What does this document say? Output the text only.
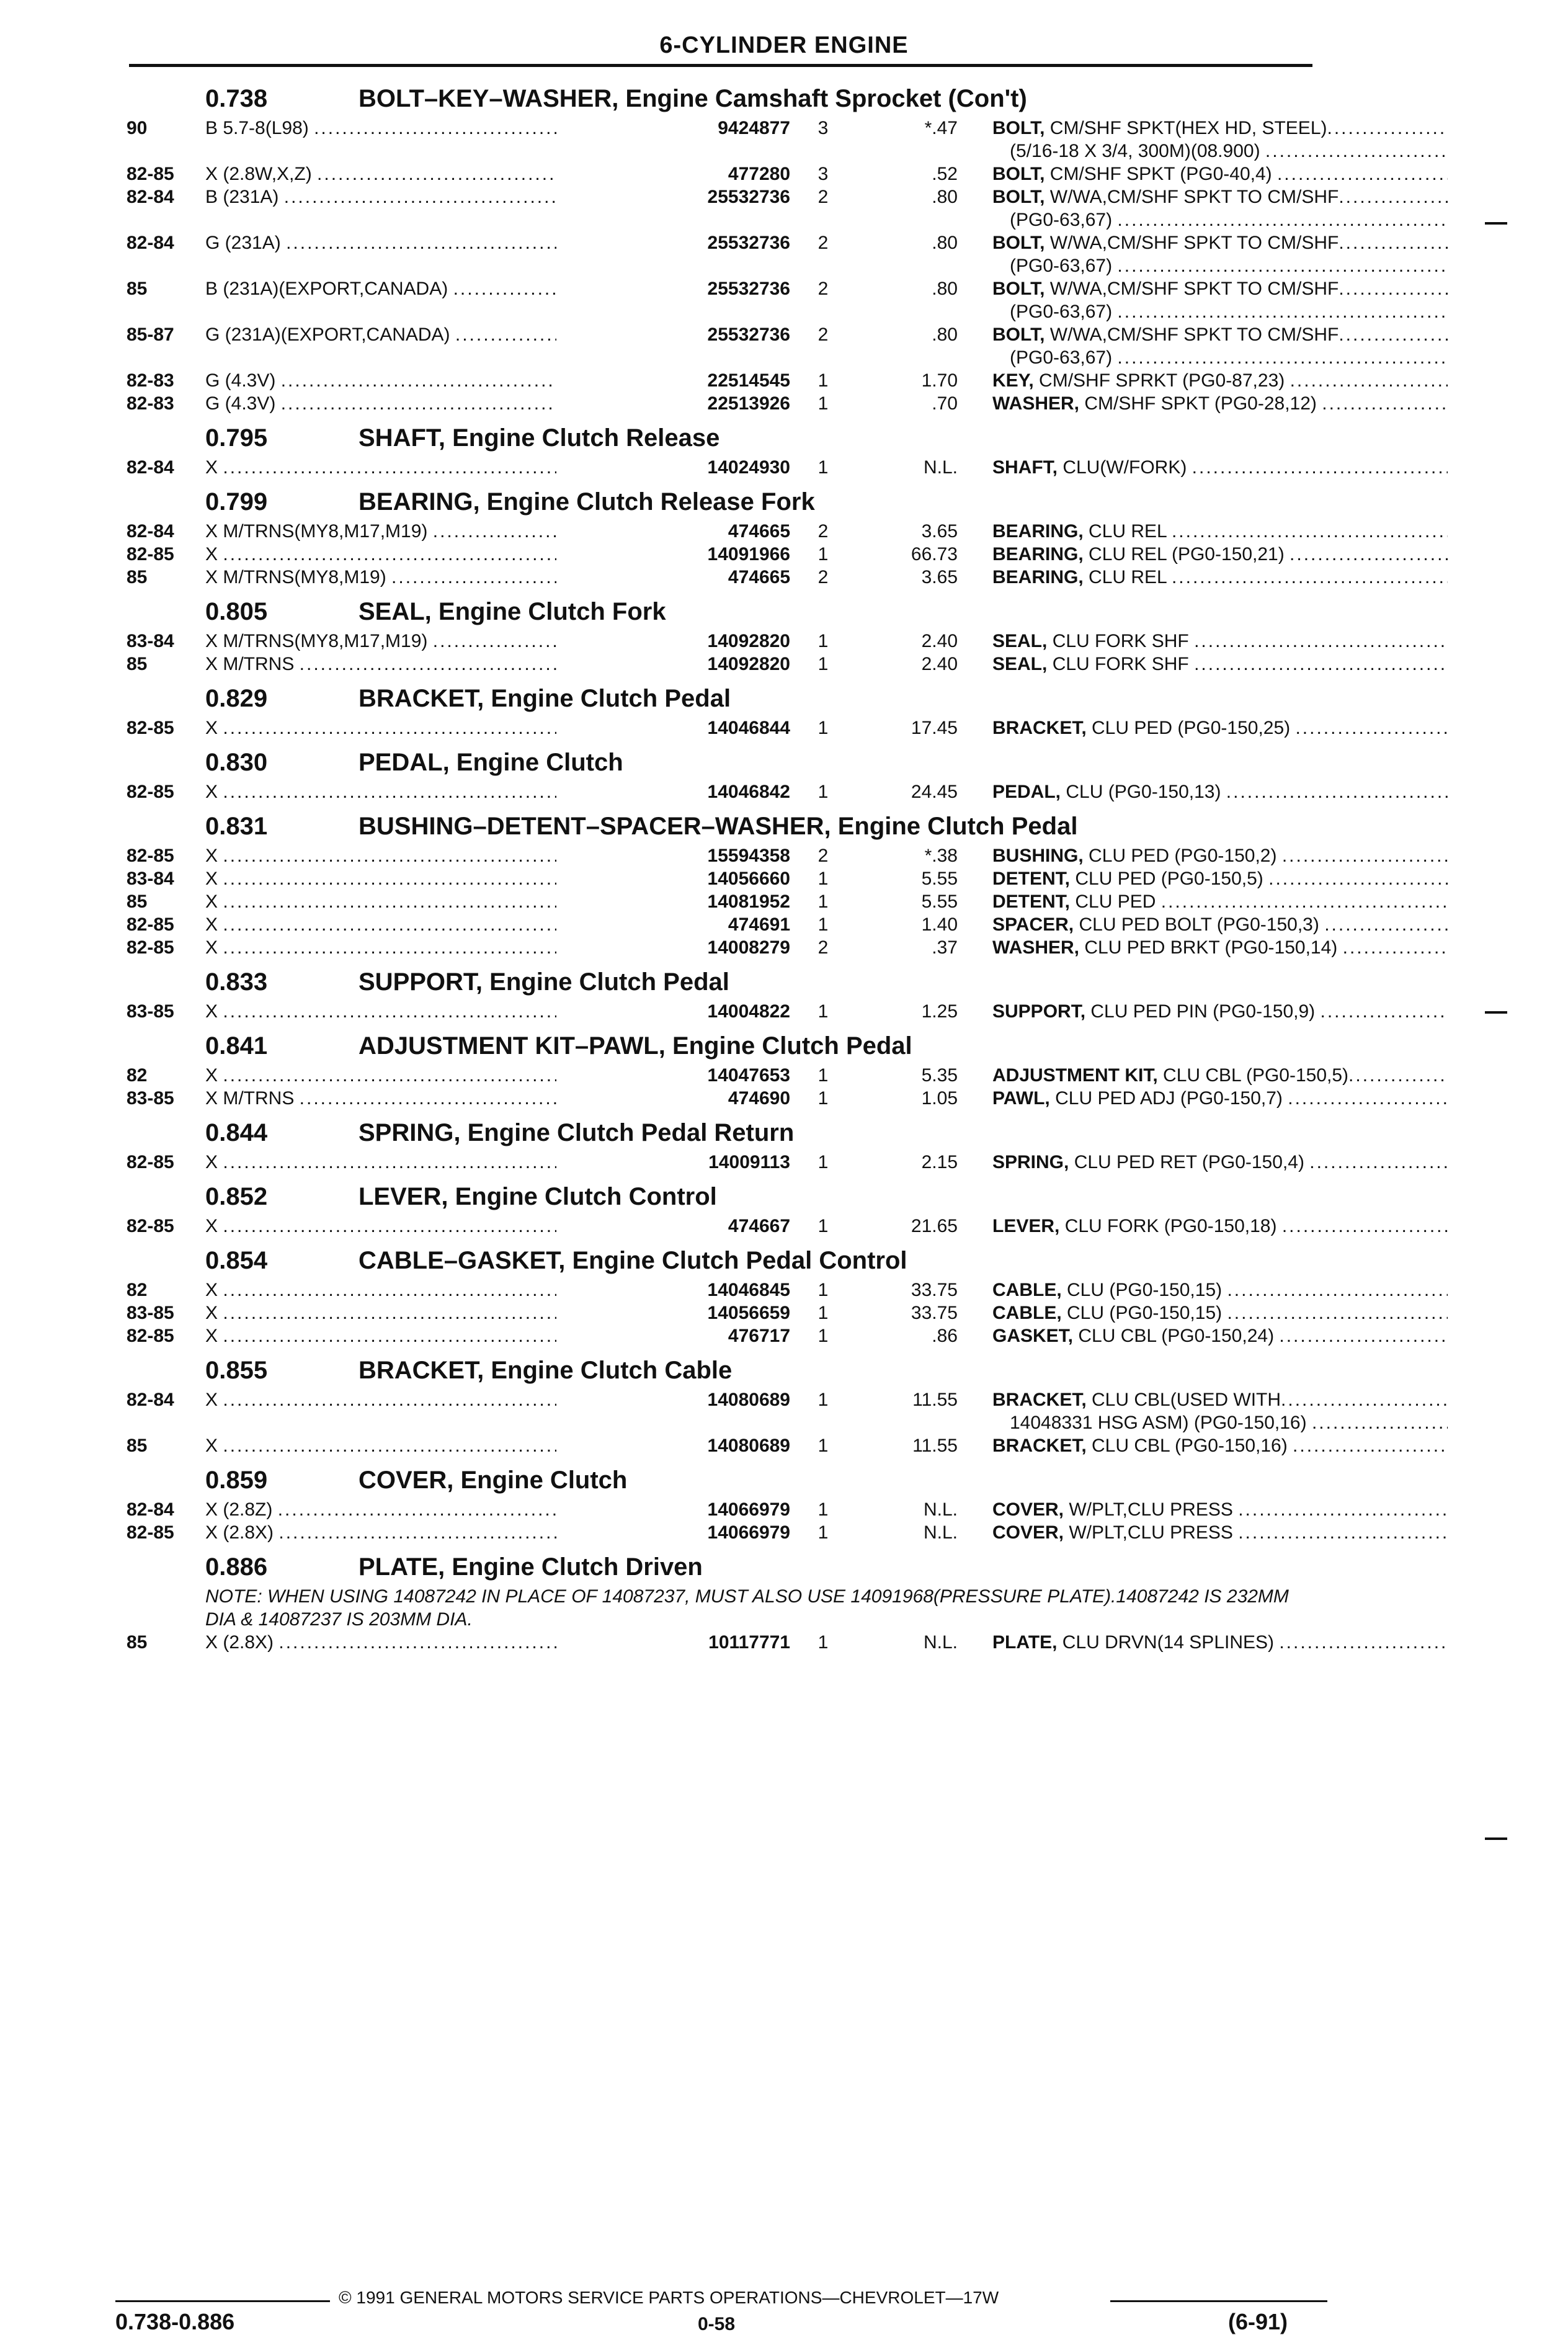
6-CYLINDER ENGINE
0.738	BOLT–KEY–WASHER, Engine Camshaft Sprocket (Con't)
90	B 5.7-8(L98) .....	9424877	3	*.47 BOLT, CM/SHF SPKT(HEX HD, STEEL) .....
(5/16-18 X 3/4, 300M)(08.900) .....
82-85 X (2.8W,X,Z) .....	477280	3	.52 BOLT, CM/SHF SPKT (PG0-40,4) .....
82-84 B (231A) .....	25532736	2	.80 BOLT, W/WA,CM/SHF SPKT TO CM/SHF .....
(PG0-63,67) .....
82-84 G (231A) .....	25532736	2	.80 BOLT, W/WA,CM/SHF SPKT TO CM/SHF .....
(PG0-63,67) .....
85	B (231A)(EXPORT,CANADA) .....	25532736	2	.80 BOLT, W/WA,CM/SHF SPKT TO CM/SHF .....
(PG0-63,67) .....
85-87 G (231A)(EXPORT,CANADA) .....	25532736	2	.80 BOLT, W/WA,CM/SHF SPKT TO CM/SHF .....
(PG0-63,67) .....
82-83 G (4.3V) .....	22514545	1	1.70 KEY, CM/SHF SPRKT (PG0-87,23) .....
82-83 G (4.3V) .....	22513926	1	.70 WASHER, CM/SHF SPKT (PG0-28,12) .....
0.795	SHAFT, Engine Clutch Release
82-84 X .....	14024930	1	N.L. SHAFT, CLU(W/FORK) .....
0.799	BEARING, Engine Clutch Release Fork
82-84 X M/TRNS(MY8,M17,M19) .....	474665	2	3.65 BEARING, CLU REL .....
82-85 X .....	14091966	1	66.73 BEARING, CLU REL (PG0-150,21) .....
85	X M/TRNS(MY8,M19) .....	474665	2	3.65 BEARING, CLU REL .....
0.805	SEAL, Engine Clutch Fork
83-84 X M/TRNS(MY8,M17,M19) .....	14092820	1	2.40 SEAL, CLU FORK SHF .....
85	X M/TRNS .....	14092820	1	2.40 SEAL, CLU FORK SHF .....
0.829	BRACKET, Engine Clutch Pedal
82-85 X .....	14046844	1	17.45 BRACKET, CLU PED (PG0-150,25) .....
0.830	PEDAL, Engine Clutch
82-85 X .....	14046842	1	24.45 PEDAL, CLU (PG0-150,13) .....
0.831	BUSHING–DETENT–SPACER–WASHER, Engine Clutch Pedal
82-85 X .....	15594358	2	*.38 BUSHING, CLU PED (PG0-150,2) .....
83-84 X .....	14056660	1	5.55 DETENT, CLU PED (PG0-150,5) .....
85	X .....	14081952	1	5.55 DETENT, CLU PED .....
82-85 X .....	474691	1	1.40 SPACER, CLU PED BOLT (PG0-150,3) .....
82-85 X .....	14008279	2	.37 WASHER, CLU PED BRKT (PG0-150,14) .....
0.833	SUPPORT, Engine Clutch Pedal
83-85 X .....	14004822	1	1.25 SUPPORT, CLU PED PIN (PG0-150,9) .....
0.841	ADJUSTMENT KIT–PAWL, Engine Clutch Pedal
82	X .....	14047653	1	5.35 ADJUSTMENT KIT, CLU CBL (PG0-150,5) .....
83-85 X M/TRNS .....	474690	1	1.05 PAWL, CLU PED ADJ (PG0-150,7) .....
0.844	SPRING, Engine Clutch Pedal Return
82-85 X .....	14009113	1	2.15 SPRING, CLU PED RET (PG0-150,4) .....
0.852	LEVER, Engine Clutch Control
82-85 X .....	474667	1	21.65 LEVER, CLU FORK (PG0-150,18) .....
0.854	CABLE–GASKET, Engine Clutch Pedal Control
82	X .....	14046845	1	33.75 CABLE, CLU (PG0-150,15) .....
83-85 X .....	14056659	1	33.75 CABLE, CLU (PG0-150,15) .....
82-85 X .....	476717	1	.86 GASKET, CLU CBL (PG0-150,24) .....
0.855	BRACKET, Engine Clutch Cable
82-84 X .....	14080689	1	11.55 BRACKET, CLU CBL(USED WITH .....
14048331 HSG ASM) (PG0-150,16) .....
85	X .....	14080689	1	11.55 BRACKET, CLU CBL (PG0-150,16) .....
0.859	COVER, Engine Clutch
82-84 X (2.8Z) .....	14066979	1	N.L. COVER, W/PLT,CLU PRESS .....
82-85 X (2.8X) .....	14066979	1	N.L. COVER, W/PLT,CLU PRESS .....
0.886	PLATE, Engine Clutch Driven
NOTE: WHEN USING 14087242 IN PLACE OF 14087237, MUST ALSO USE 14091968(PRESSURE PLATE).14087242 IS 232MM DIA & 14087237 IS 203MM DIA.
85	X (2.8X) .....	10117771	1	N.L. PLATE, CLU DRVN(14 SPLINES) .....
© 1991 GENERAL MOTORS SERVICE PARTS OPERATIONS—CHEVROLET—17W
0.738-0.886	0-58	(6-91)
